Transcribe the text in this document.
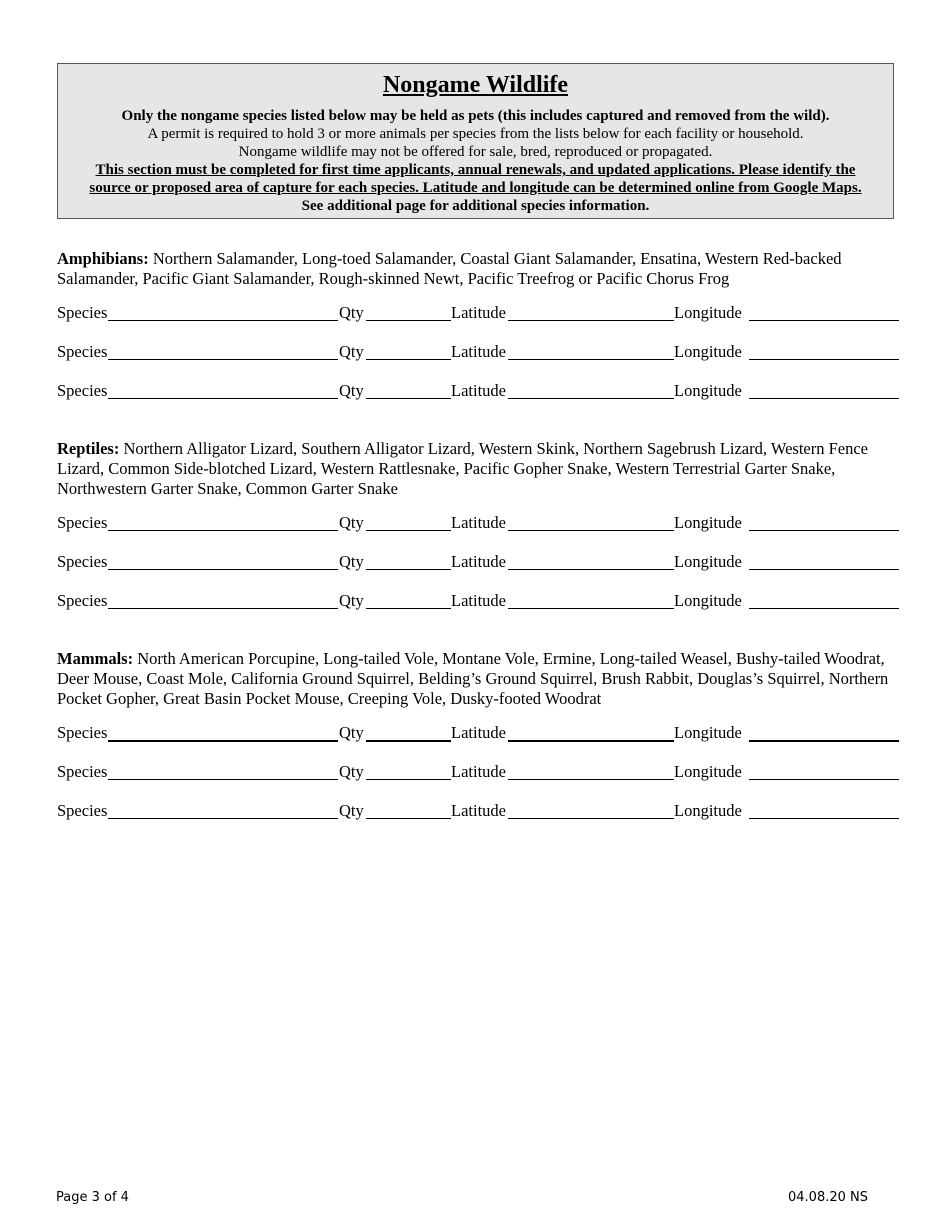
Nongame Wildlife
Only the nongame species listed below may be held as pets (this includes captured and removed from the wild).
A permit is required to hold 3 or more animals per species from the lists below for each facility or household.
Nongame wildlife may not be offered for sale, bred, reproduced or propagated.
This section must be completed for first time applicants, annual renewals, and updated applications. Please identify the source or proposed area of capture for each species. Latitude and longitude can be determined online from Google Maps.
See additional page for additional species information.

Amphibians: Northern Salamander, Long-toed Salamander, Coastal Giant Salamander, Ensatina, Western Red-backed Salamander, Pacific Giant Salamander, Rough-skinned Newt, Pacific Treefrog or Pacific Chorus Frog

Species	Qty	Latitude	Longitude
Species	Qty	Latitude	Longitude
Species	Qty	Latitude	Longitude

Reptiles: Northern Alligator Lizard, Southern Alligator Lizard, Western Skink, Northern Sagebrush Lizard, Western Fence Lizard, Common Side-blotched Lizard, Western Rattlesnake, Pacific Gopher Snake, Western Terrestrial Garter Snake, Northwestern Garter Snake, Common Garter Snake

Species	Qty	Latitude	Longitude
Species	Qty	Latitude	Longitude
Species	Qty	Latitude	Longitude

Mammals: North American Porcupine, Long-tailed Vole, Montane Vole, Ermine, Long-tailed Weasel, Bushy-tailed Woodrat, Deer Mouse, Coast Mole, California Ground Squirrel, Belding’s Ground Squirrel, Brush Rabbit, Douglas’s Squirrel, Northern Pocket Gopher, Great Basin Pocket Mouse, Creeping Vole, Dusky-footed Woodrat

Species	Qty	Latitude	Longitude
Species	Qty	Latitude	Longitude
Species	Qty	Latitude	Longitude
Page 3 of 4	04.08.20 NS
